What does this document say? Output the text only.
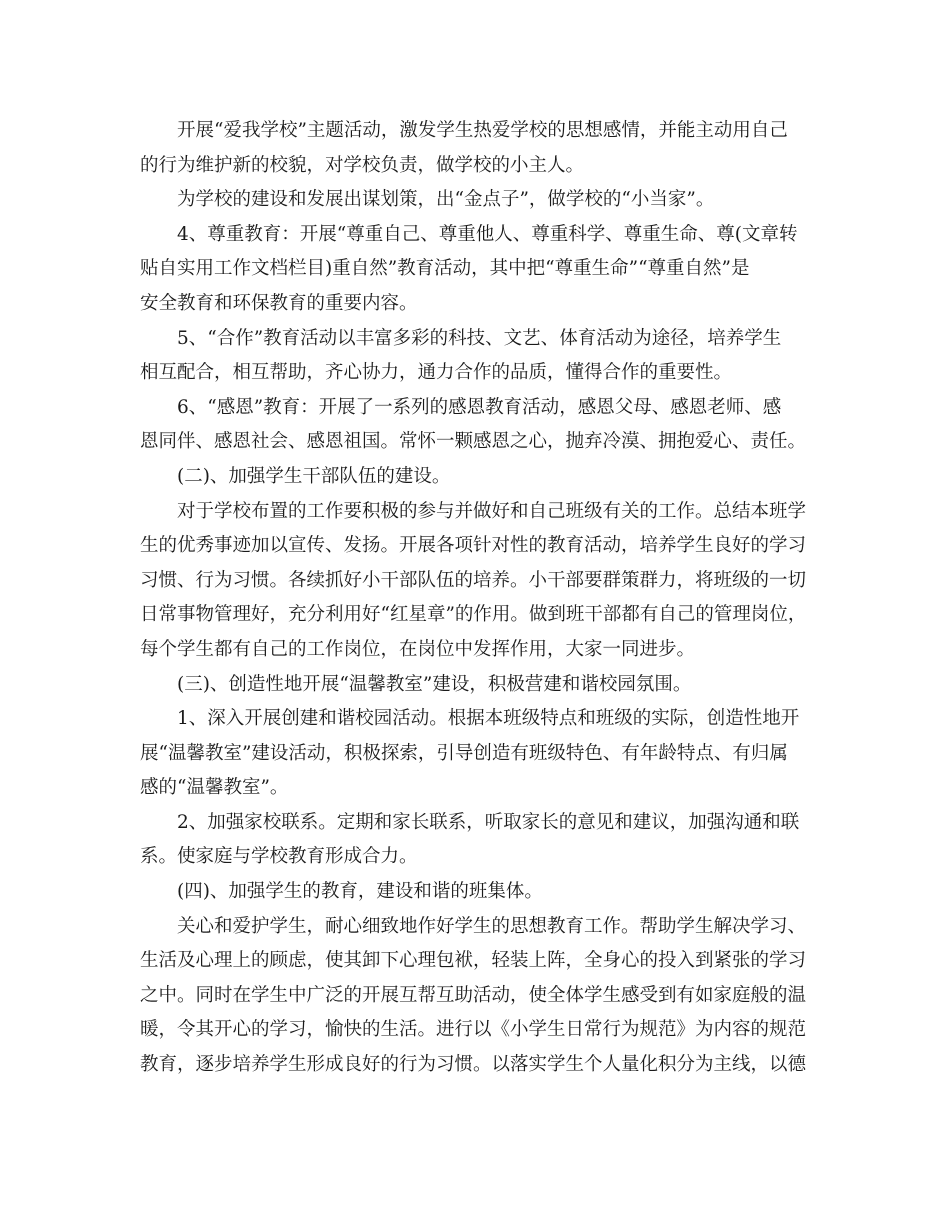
开展“爱我学校”主题活动，激发学生热爱学校的思想感情，并能主动用自己
的行为维护新的校貌，对学校负责，做学校的小主人。

为学校的建设和发展出谋划策，出“金点子”，做学校的“小当家”。

4、尊重教育：开展“尊重自己、尊重他人、尊重科学、尊重生命、尊(文章转
贴自实用工作文档栏目)重自然”教育活动，其中把“尊重生命”“尊重自然”是
安全教育和环保教育的重要内容。

5、“合作”教育活动以丰富多彩的科技、文艺、体育活动为途径，培养学生
相互配合，相互帮助，齐心协力，通力合作的品质，懂得合作的重要性。

6、“感恩”教育：开展了一系列的感恩教育活动，感恩父母、感恩老师、感
恩同伴、感恩社会、感恩祖国。常怀一颗感恩之心，抛弃冷漠、拥抱爱心、责任。

(二)、加强学生干部队伍的建设。

对于学校布置的工作要积极的参与并做好和自己班级有关的工作。总结本班学
生的优秀事迹加以宣传、发扬。开展各项针对性的教育活动，培养学生良好的学习
习惯、行为习惯。各续抓好小干部队伍的培养。小干部要群策群力，将班级的一切
日常事物管理好，充分利用好“红星章”的作用。做到班干部都有自己的管理岗位，
每个学生都有自己的工作岗位，在岗位中发挥作用，大家一同进步。

(三)、创造性地开展“温馨教室”建设，积极营建和谐校园氛围。

1、深入开展创建和谐校园活动。根据本班级特点和班级的实际，创造性地开
展“温馨教室”建设活动，积极探索，引导创造有班级特色、有年龄特点、有归属
感的“温馨教室”。

2、加强家校联系。定期和家长联系，听取家长的意见和建议，加强沟通和联
系。使家庭与学校教育形成合力。

(四)、加强学生的教育，建设和谐的班集体。

关心和爱护学生，耐心细致地作好学生的思想教育工作。帮助学生解决学习、
生活及心理上的顾虑，使其卸下心理包袱，轻装上阵，全身心的投入到紧张的学习
之中。同时在学生中广泛的开展互帮互助活动，使全体学生感受到有如家庭般的温
暖，令其开心的学习，愉快的生活。进行以《小学生日常行为规范》为内容的规范
教育，逐步培养学生形成良好的行为习惯。以落实学生个人量化积分为主线，以德
